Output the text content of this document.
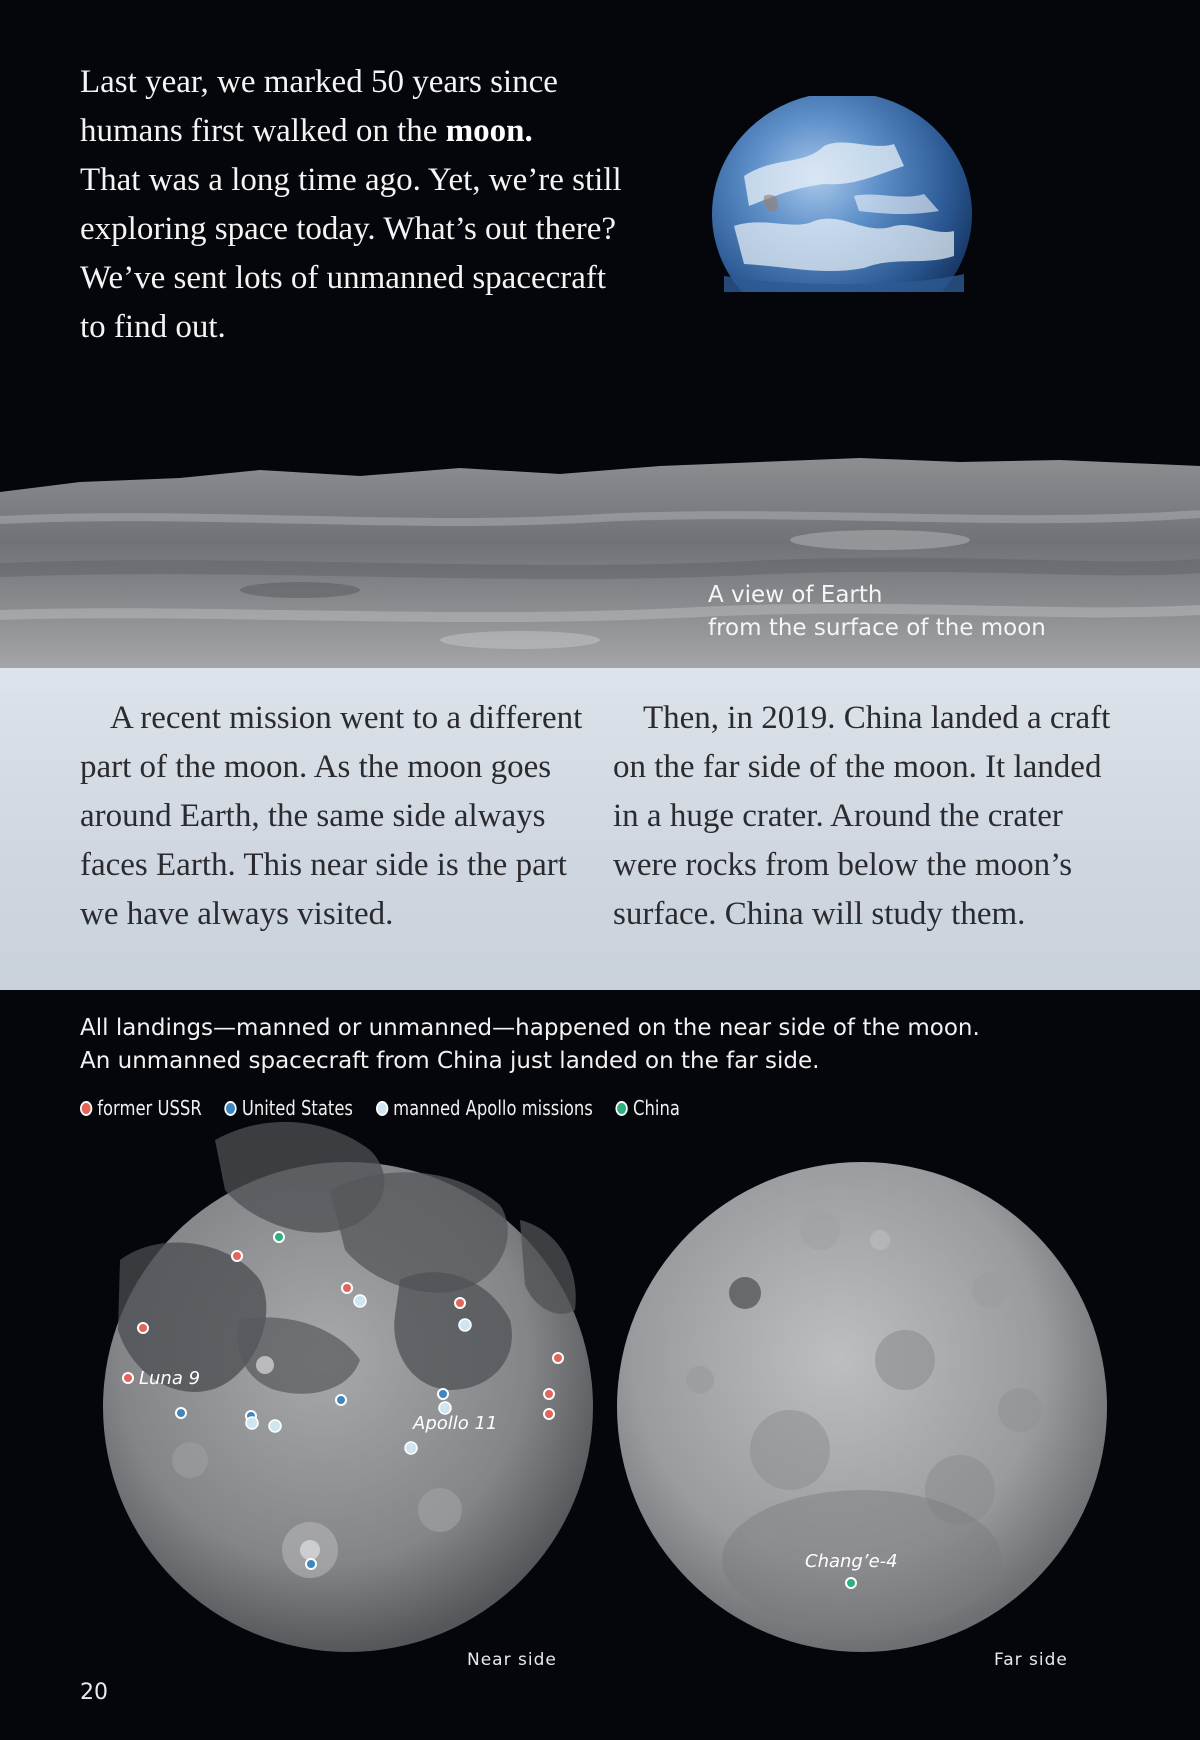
Last year, we marked 50 years since
humans first walked on the moon.
That was a long time ago. Yet, we’re still
exploring space today. What’s out there?
We’ve sent lots of unmanned spacecraft
to find out.

A view of Earth
from the surface of the moon

A recent mission went to a different part of the moon. As the moon goes around Earth, the same side always faces Earth. This near side is the part we have always visited.

Then, in 2019. China landed a craft on the far side of the moon. It landed in a huge crater. Around the crater were rocks from below the moon’s surface. China will study them.

Luna 9
Apollo 11
Chang’e-4
All landings—manned or unmanned—happened on the near side of the moon.
An unmanned spacecraft from China just landed on the far side.
former USSR United States manned Apollo missions China
Near side	Far side
20
